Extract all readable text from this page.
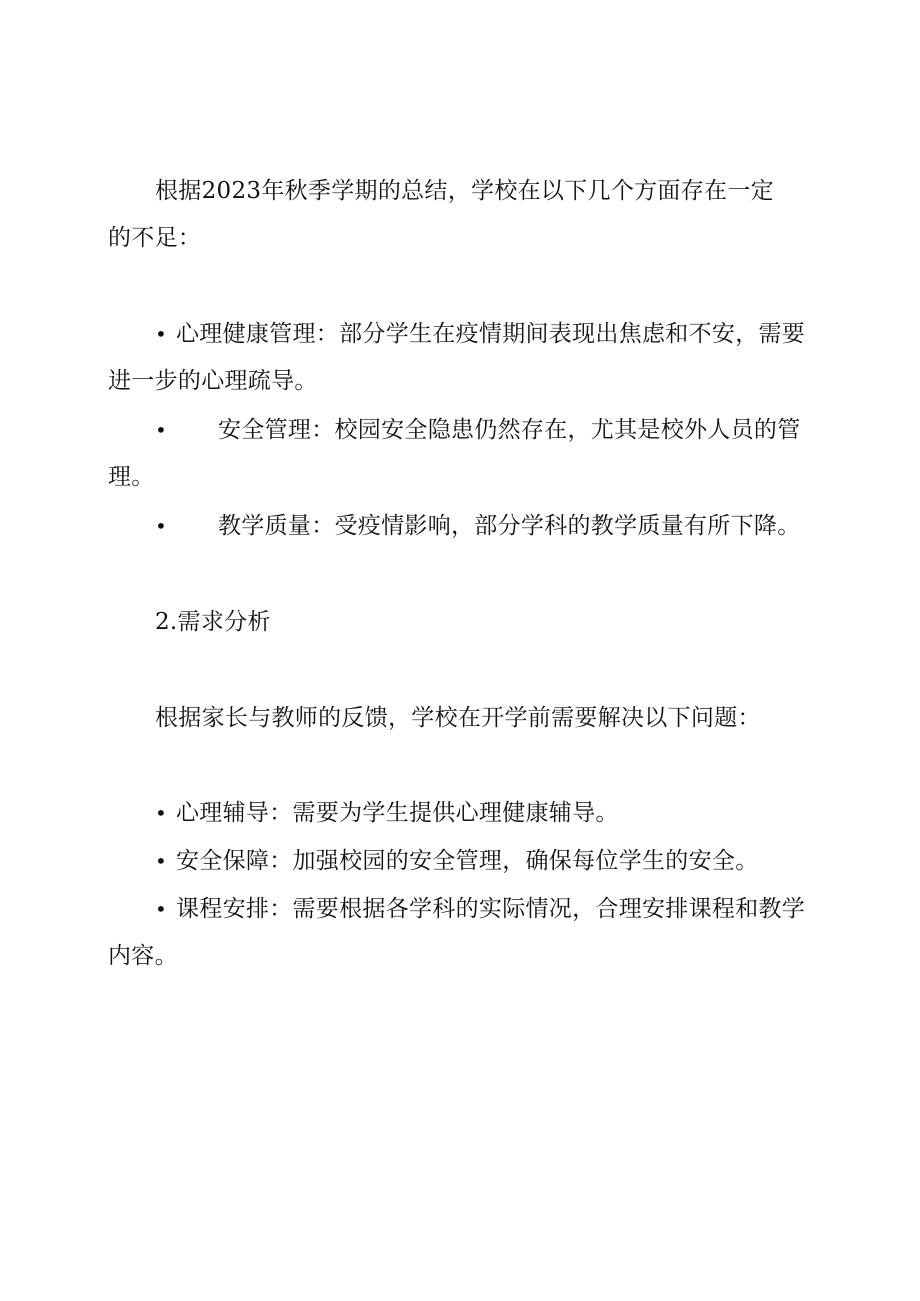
根据2023年秋季学期的总结，学校在以下几个方面存在一定
的不足：
• 心理健康管理：部分学生在疫情期间表现出焦虑和不安，需要
进一步的心理疏导。
• 安全管理：校园安全隐患仍然存在，尤其是校外人员的管
理。
• 教学质量：受疫情影响，部分学科的教学质量有所下降。
2.需求分析
根据家长与教师的反馈，学校在开学前需要解决以下问题：
• 心理辅导：需要为学生提供心理健康辅导。
• 安全保障：加强校园的安全管理，确保每位学生的安全。
• 课程安排：需要根据各学科的实际情况，合理安排课程和教学
内容。
